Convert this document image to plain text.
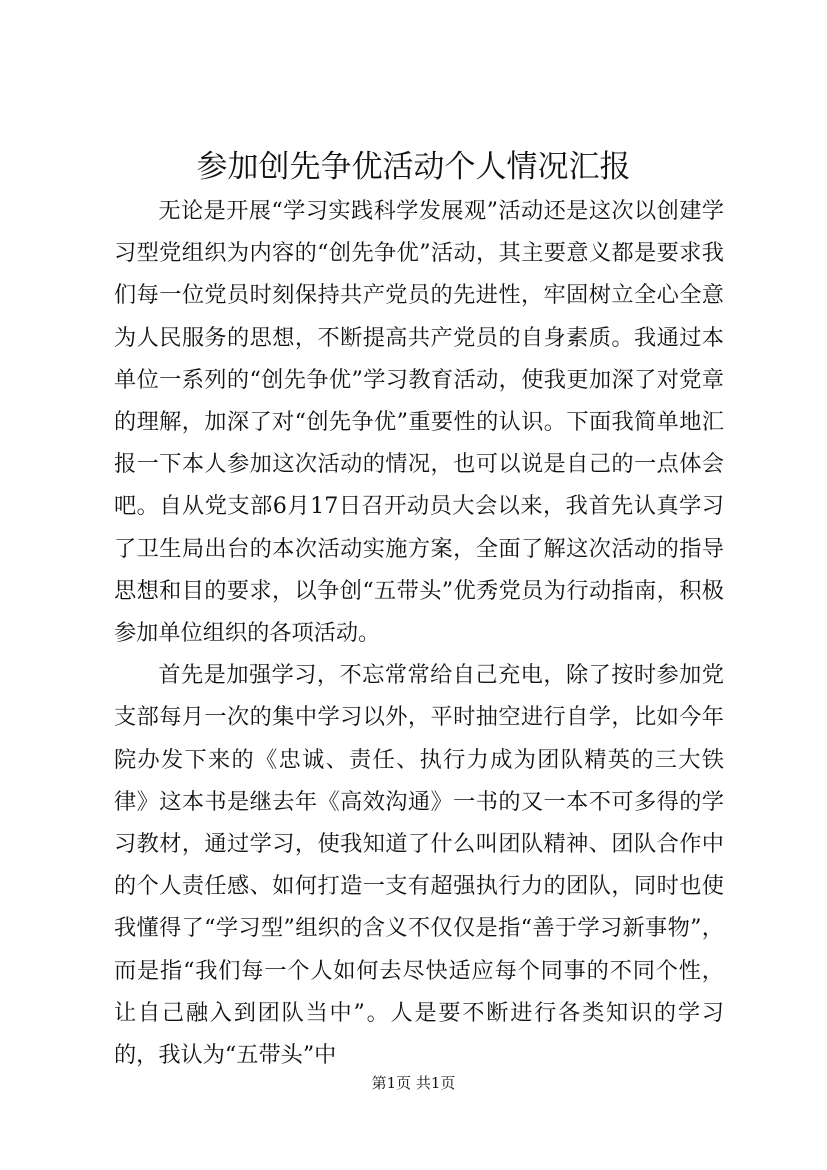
参加创先争优活动个人情况汇报

无论是开展“学习实践科学发展观”活动还是这次以创建学习型党组织为内容的“创先争优”活动，其主要意义都是要求我们每一位党员时刻保持共产党员的先进性，牢固树立全心全意为人民服务的思想，不断提高共产党员的自身素质。我通过本单位一系列的“创先争优”学习教育活动，使我更加深了对党章的理解，加深了对“创先争优”重要性的认识。下面我简单地汇报一下本人参加这次活动的情况，也可以说是自己的一点体会吧。自从党支部6月17日召开动员大会以来，我首先认真学习了卫生局出台的本次活动实施方案，全面了解这次活动的指导思想和目的要求，以争创“五带头”优秀党员为行动指南，积极参加单位组织的各项活动。

首先是加强学习，不忘常常给自己充电，除了按时参加党支部每月一次的集中学习以外，平时抽空进行自学，比如今年院办发下来的《忠诚、责任、执行力成为团队精英的三大铁律》这本书是继去年《高效沟通》一书的又一本不可多得的学习教材，通过学习，使我知道了什么叫团队精神、团队合作中的个人责任感、如何打造一支有超强执行力的团队，同时也使我懂得了“学习型”组织的含义不仅仅是指“善于学习新事物”，而是指“我们每一个人如何去尽快适应每个同事的不同个性，让自己融入到团队当中”。人是要不断进行各类知识的学习的，我认为“五带头”中

第1页 共1页
